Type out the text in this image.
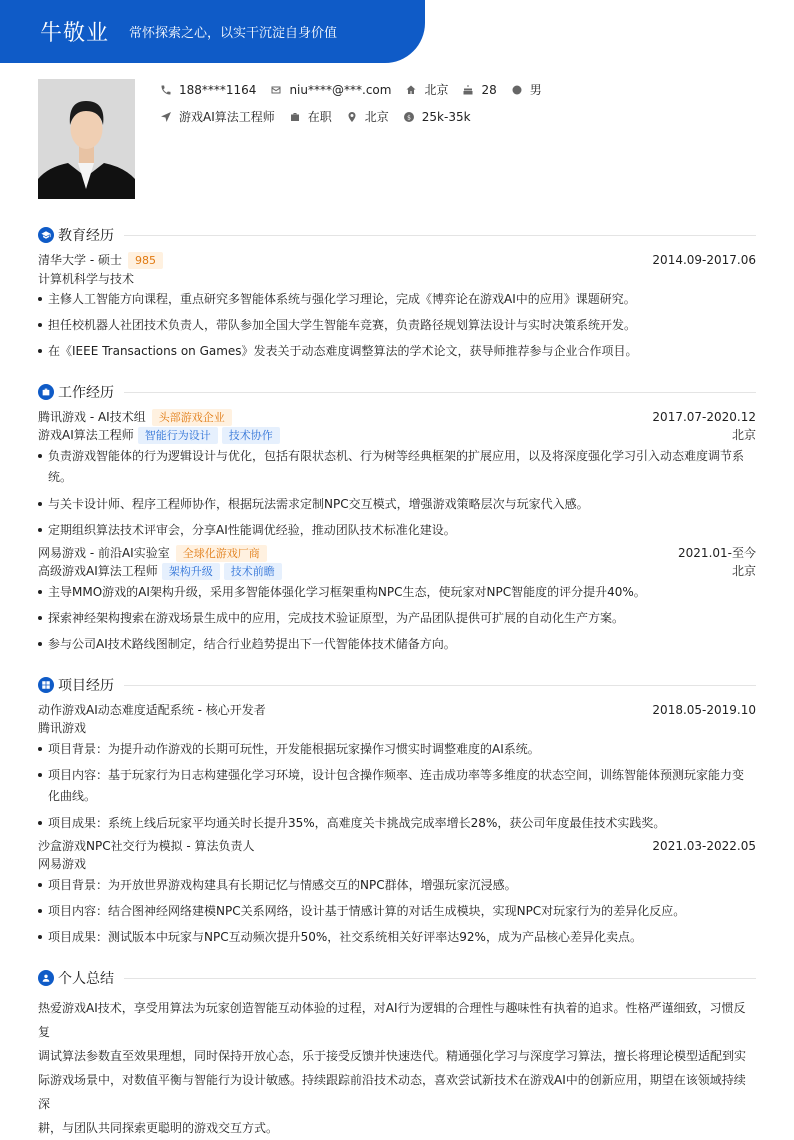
牛敬业 常怀探索之心，以实干沉淀自身价值
188****1164	niu****@***.com	北京	28	男
游戏AI算法工程师	在职	北京 $ 25k-35k
教育经历
清华大学 - 硕士	985	2014.09-2017.06
计算机科学与技术
主修人工智能方向课程，重点研究多智能体系统与强化学习理论，完成《博弈论在游戏AI中的应用》课题研究。
担任校机器人社团技术负责人，带队参加全国大学生智能车竞赛，负责路径规划算法设计与实时决策系统开发。
在《IEEE Transactions on Games》发表关于动态难度调整算法的学术论文，获导师推荐参与企业合作项目。
工作经历
腾讯游戏 - AI技术组	头部游戏企业	2017.07-2020.12
游戏AI算法工程师	智能行为设计	技术协作	北京
负责游戏智能体的行为逻辑设计与优化，包括有限状态机、行为树等经典框架的扩展应用，以及将深度强化学习引入动态难度调节系
统。
与关卡设计师、程序工程师协作，根据玩法需求定制NPC交互模式，增强游戏策略层次与玩家代入感。
定期组织算法技术评审会，分享AI性能调优经验，推动团队技术标准化建设。
网易游戏 - 前沿AI实验室	全球化游戏厂商	2021.01-至今
高级游戏AI算法工程师	架构升级	技术前瞻	北京
主导MMO游戏的AI架构升级，采用多智能体强化学习框架重构NPC生态，使玩家对NPC智能度的评分提升40%。
探索神经架构搜索在游戏场景生成中的应用，完成技术验证原型，为产品团队提供可扩展的自动化生产方案。
参与公司AI技术路线图制定，结合行业趋势提出下一代智能体技术储备方向。
项目经历
动作游戏AI动态难度适配系统 - 核心开发者	2018.05-2019.10
腾讯游戏
项目背景：为提升动作游戏的长期可玩性，开发能根据玩家操作习惯实时调整难度的AI系统。
项目内容：基于玩家行为日志构建强化学习环境，设计包含操作频率、连击成功率等多维度的状态空间，训练智能体预测玩家能力变
化曲线。
项目成果：系统上线后玩家平均通关时长提升35%，高难度关卡挑战完成率增长28%，获公司年度最佳技术实践奖。
沙盒游戏NPC社交行为模拟 - 算法负责人	2021.03-2022.05
网易游戏
项目背景：为开放世界游戏构建具有长期记忆与情感交互的NPC群体，增强玩家沉浸感。
项目内容：结合图神经网络建模NPC关系网络，设计基于情感计算的对话生成模块，实现NPC对玩家行为的差异化反应。
项目成果：测试版本中玩家与NPC互动频次提升50%，社交系统相关好评率达92%，成为产品核心差异化卖点。
个人总结
热爱游戏AI技术，享受用算法为玩家创造智能互动体验的过程，对AI行为逻辑的合理性与趣味性有执着的追求。性格严谨细致，习惯反复
调试算法参数直至效果理想，同时保持开放心态，乐于接受反馈并快速迭代。精通强化学习与深度学习算法，擅长将理论模型适配到实
际游戏场景中，对数值平衡与智能行为设计敏感。持续跟踪前沿技术动态，喜欢尝试新技术在游戏AI中的创新应用，期望在该领域持续深
耕，与团队共同探索更聪明的游戏交互方式。
